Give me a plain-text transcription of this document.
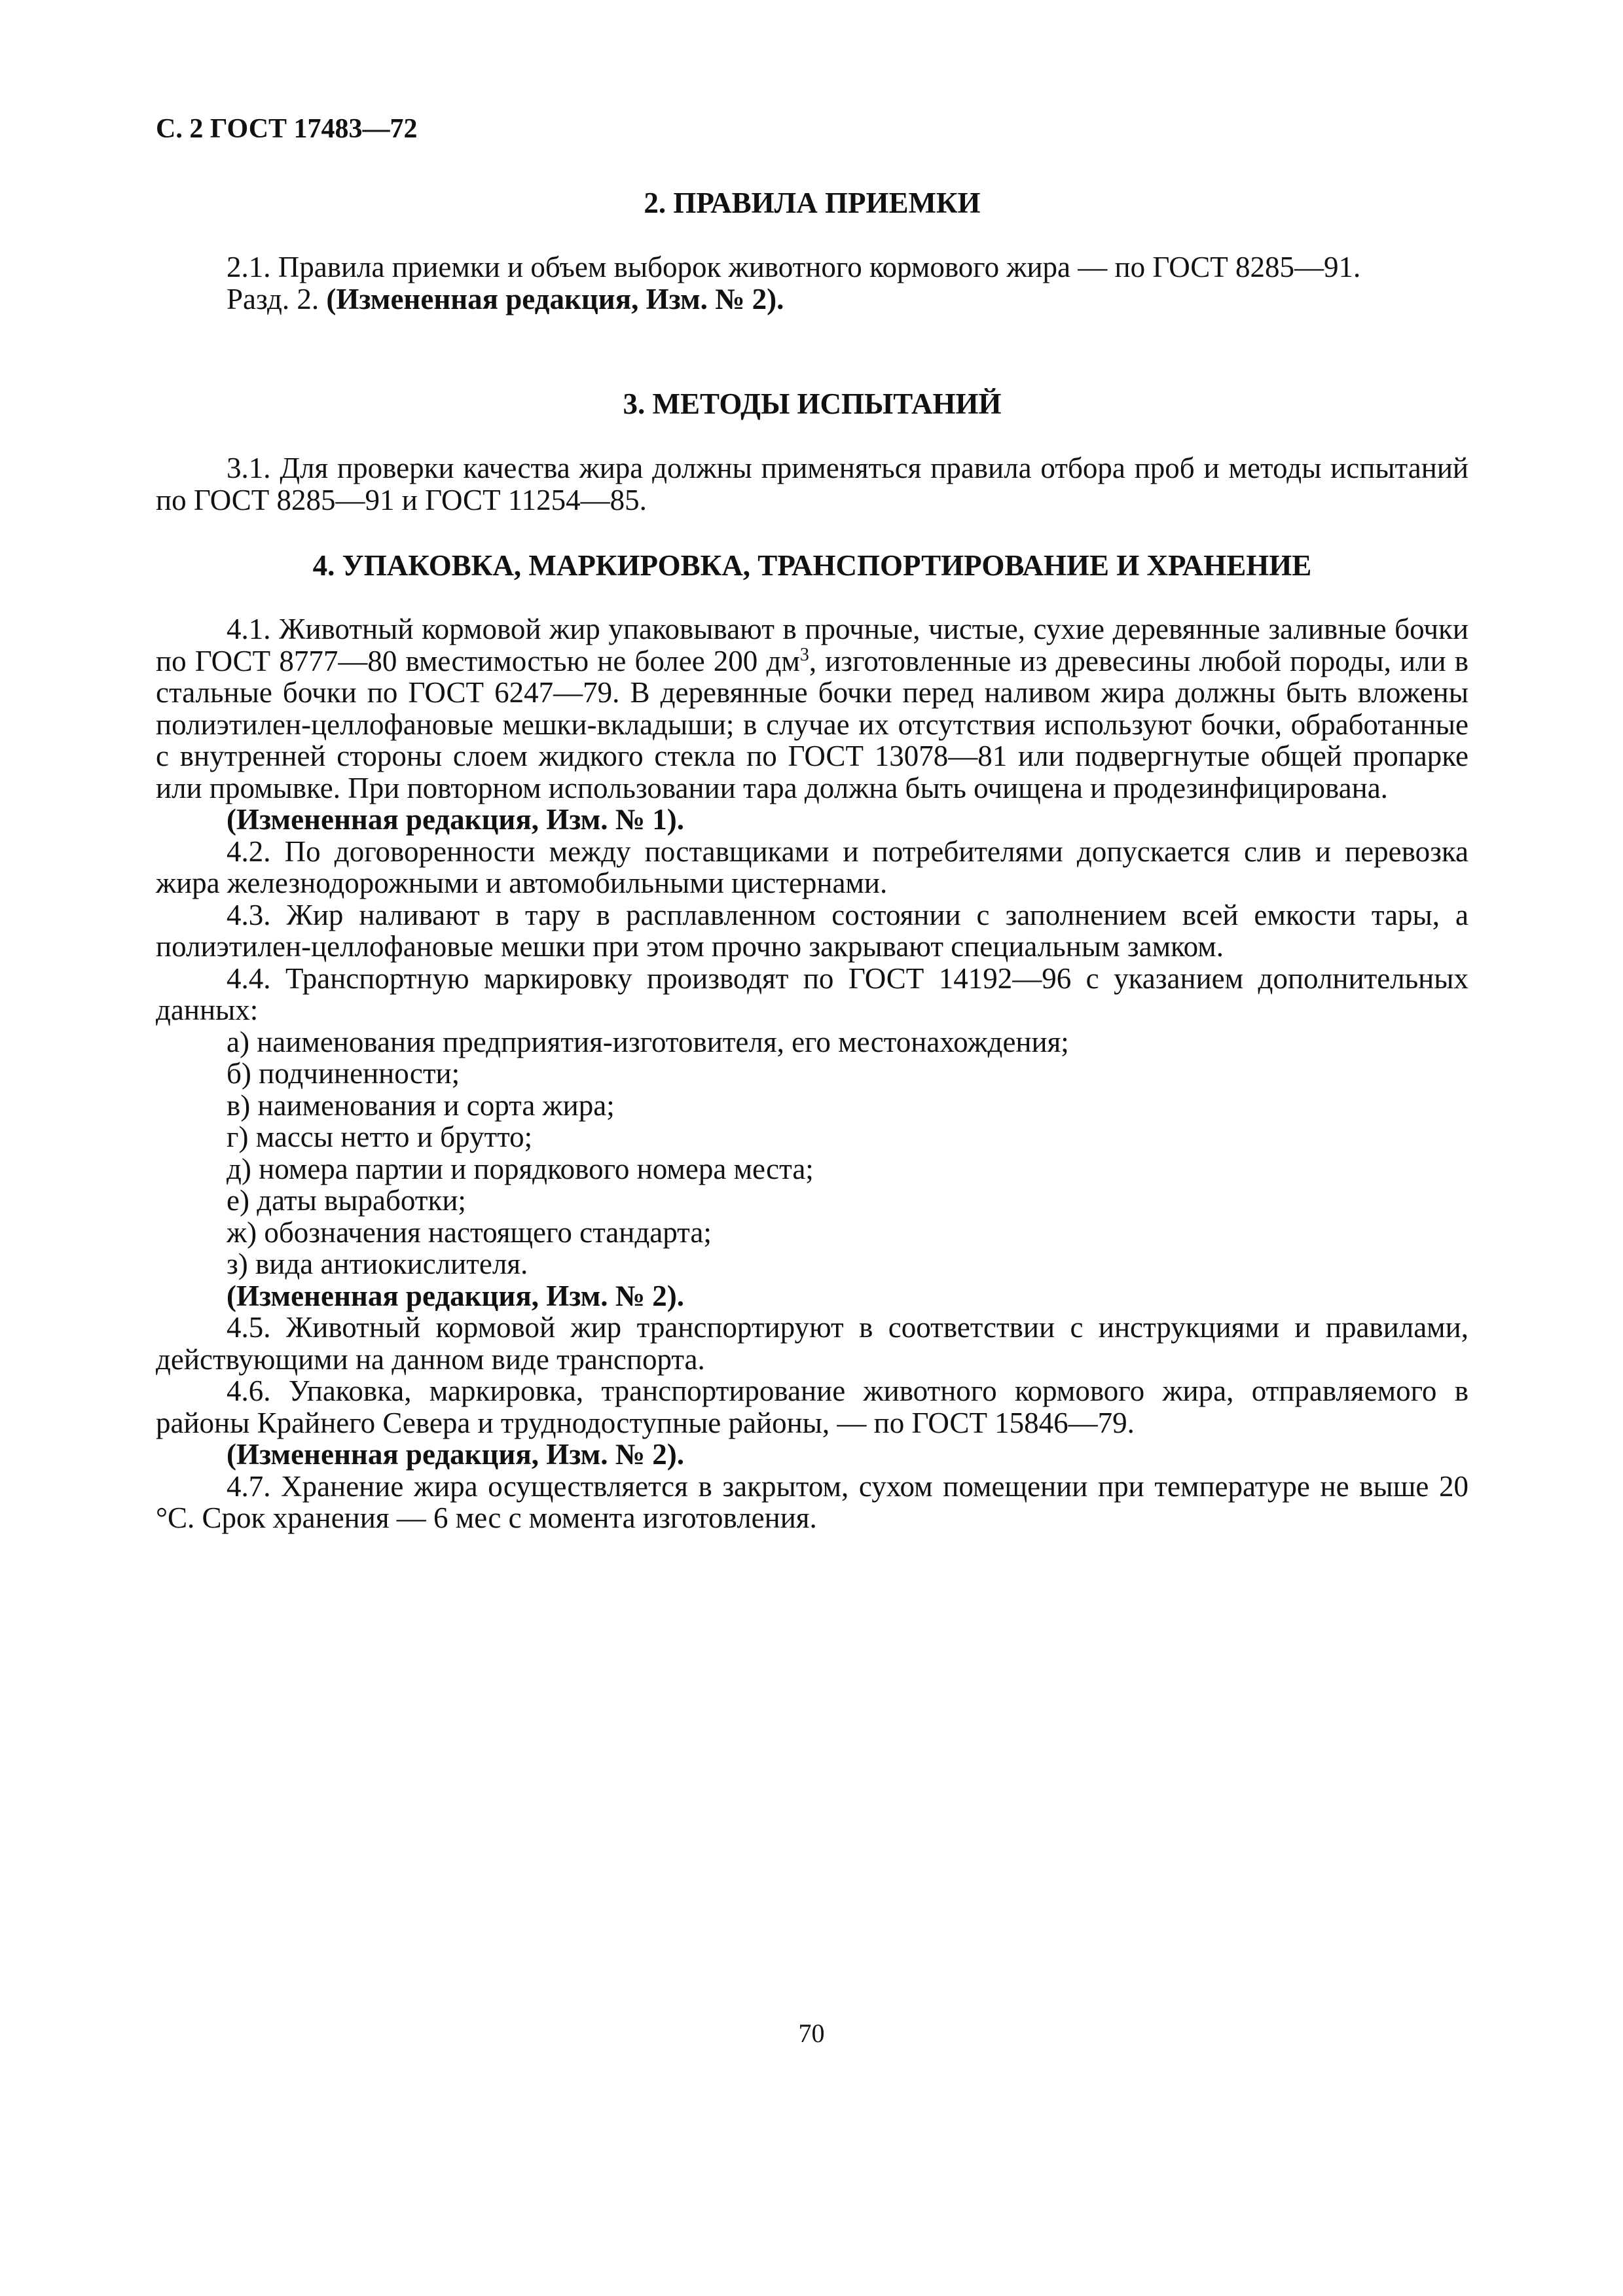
С. 2 ГОСТ 17483—72
2. ПРАВИЛА ПРИЕМКИ

2.1. Правила приемки и объем выборок животного кормового жира — по ГОСТ 8285—91.

Разд. 2. (Измененная редакция, Изм. № 2).

3. МЕТОДЫ ИСПЫТАНИЙ

3.1. Для проверки качества жира должны применяться правила отбора проб и методы испытаний по ГОСТ 8285—91 и ГОСТ 11254—85.

4. УПАКОВКА, МАРКИРОВКА, ТРАНСПОРТИРОВАНИЕ И ХРАНЕНИЕ

4.1. Животный кормовой жир упаковывают в прочные, чистые, сухие деревянные заливные бочки по ГОСТ 8777—80 вместимостью не более 200 $дм^3$, изготовленные из древесины любой породы, или в стальные бочки по ГОСТ 6247—79. В деревянные бочки перед наливом жира должны быть вложены полиэтилен-целлофановые мешки-вкладыши; в случае их отсутствия используют бочки, обработанные с внутренней стороны слоем жидкого стекла по ГОСТ 13078—81 или подвергнутые общей пропарке или промывке. При повторном использовании тара должна быть очищена и продезинфицирована.

(Измененная редакция, Изм. № 1).

4.2. По договоренности между поставщиками и потребителями допускается слив и перевозка жира железнодорожными и автомобильными цистернами.

4.3. Жир наливают в тару в расплавленном состоянии с заполнением всей емкости тары, а полиэтилен-целлофановые мешки при этом прочно закрывают специальным замком.

4.4. Транспортную маркировку производят по ГОСТ 14192—96 с указанием дополнительных данных:

а) наименования предприятия-изготовителя, его местонахождения;

б) подчиненности;

в) наименования и сорта жира;

г) массы нетто и брутто;

д) номера партии и порядкового номера места;

е) даты выработки;

ж) обозначения настоящего стандарта;

з) вида антиокислителя.

(Измененная редакция, Изм. № 2).

4.5. Животный кормовой жир транспортируют в соответствии с инструкциями и правилами, действующими на данном виде транспорта.

4.6. Упаковка, маркировка, транспортирование животного кормового жира, отправляемого в районы Крайнего Севера и труднодоступные районы, — по ГОСТ 15846—79.

(Измененная редакция, Изм. № 2).

4.7. Хранение жира осуществляется в закрытом, сухом помещении при температуре не выше 20 °С. Срок хранения — 6 мес с момента изготовления.

70
